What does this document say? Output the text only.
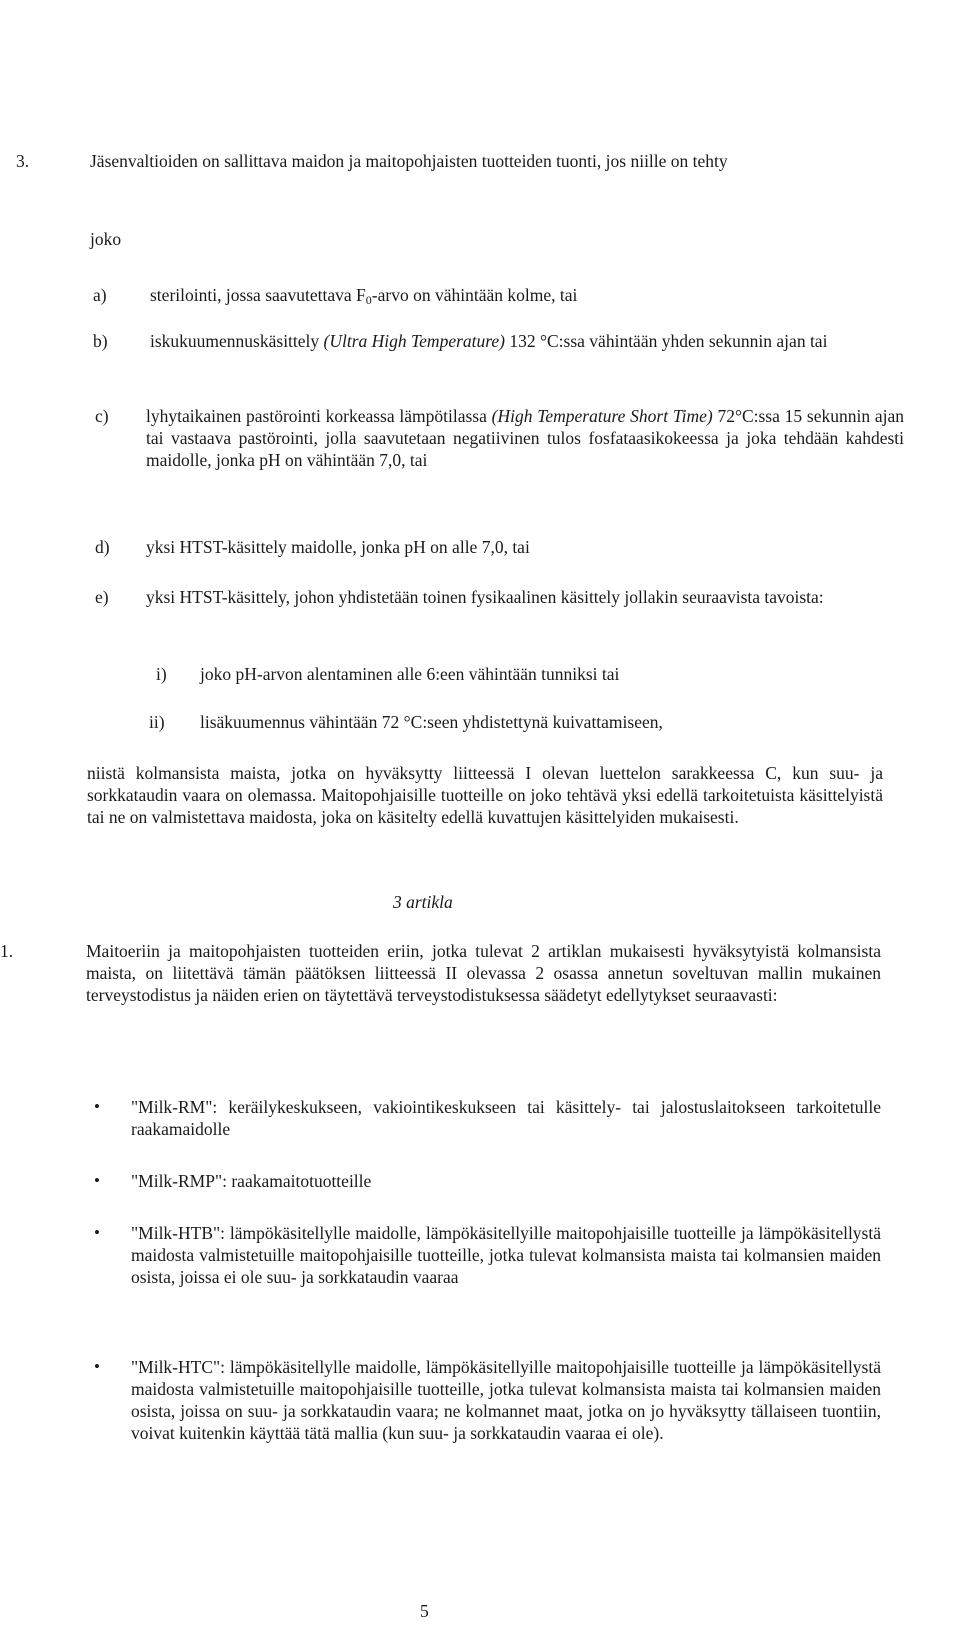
3.	Jäsenvaltioiden on sallittava maidon ja maitopohjaisten tuotteiden tuonti, jos niille on tehty
joko
a) sterilointi, jossa saavutettava $F_0$-arvo on vähintään kolme, tai
b) iskukuumennuskäsittely (Ultra High Temperature) 132 °C:ssa vähintään yhden sekunnin ajan tai
c) lyhytaikainen pastörointi korkeassa lämpötilassa (High Temperature Short Time) 72°C:ssa 15 sekunnin ajan tai vastaava pastörointi, jolla saavutetaan negatiivinen tulos fosfataasikokeessa ja joka tehdään kahdesti maidolle, jonka pH on vähintään 7,0, tai
d) yksi HTST-käsittely maidolle, jonka pH on alle 7,0, tai
e) yksi HTST-käsittely, johon yhdistetään toinen fysikaalinen käsittely jollakin seuraavista tavoista:
i) joko pH-arvon alentaminen alle 6:een vähintään tunniksi tai
ii) lisäkuumennus vähintään 72 °C:seen yhdistettynä kuivattamiseen,
niistä kolmansista maista, jotka on hyväksytty liitteessä I olevan luettelon sarakkeessa C, kun suu- ja sorkkataudin vaara on olemassa. Maitopohjaisille tuotteille on joko tehtävä yksi edellä tarkoitetuista käsittelyistä tai ne on valmistettava maidosta, joka on käsitelty edellä kuvattujen käsittelyiden mukaisesti.
3 artikla
1.	Maitoeriin ja maitopohjaisten tuotteiden eriin, jotka tulevat 2 artiklan mukaisesti hyväksytyistä kolmansista maista, on liitettävä tämän päätöksen liitteessä II olevassa 2 osassa annetun soveltuvan mallin mukainen terveystodistus ja näiden erien on täytettävä terveystodistuksessa säädetyt edellytykset seuraavasti:
• "Milk-RM": keräilykeskukseen, vakiointikeskukseen tai käsittely- tai jalostuslaitokseen tarkoitetulle raakamaidolle
• "Milk-RMP": raakamaitotuotteille
• "Milk-HTB": lämpökäsitellylle maidolle, lämpökäsitellyille maitopohjaisille tuotteille ja lämpökäsitellystä maidosta valmistetuille maitopohjaisille tuotteille, jotka tulevat kolmansista maista tai kolmansien maiden osista, joissa ei ole suu- ja sorkkataudin vaaraa
• "Milk-HTC": lämpökäsitellylle maidolle, lämpökäsitellyille maitopohjaisille tuotteille ja lämpökäsitellystä maidosta valmistetuille maitopohjaisille tuotteille, jotka tulevat kolmansista maista tai kolmansien maiden osista, joissa on suu- ja sorkkataudin vaara; ne kolmannet maat, jotka on jo hyväksytty tällaiseen tuontiin, voivat kuitenkin käyttää tätä mallia (kun suu- ja sorkkataudin vaaraa ei ole).
5
